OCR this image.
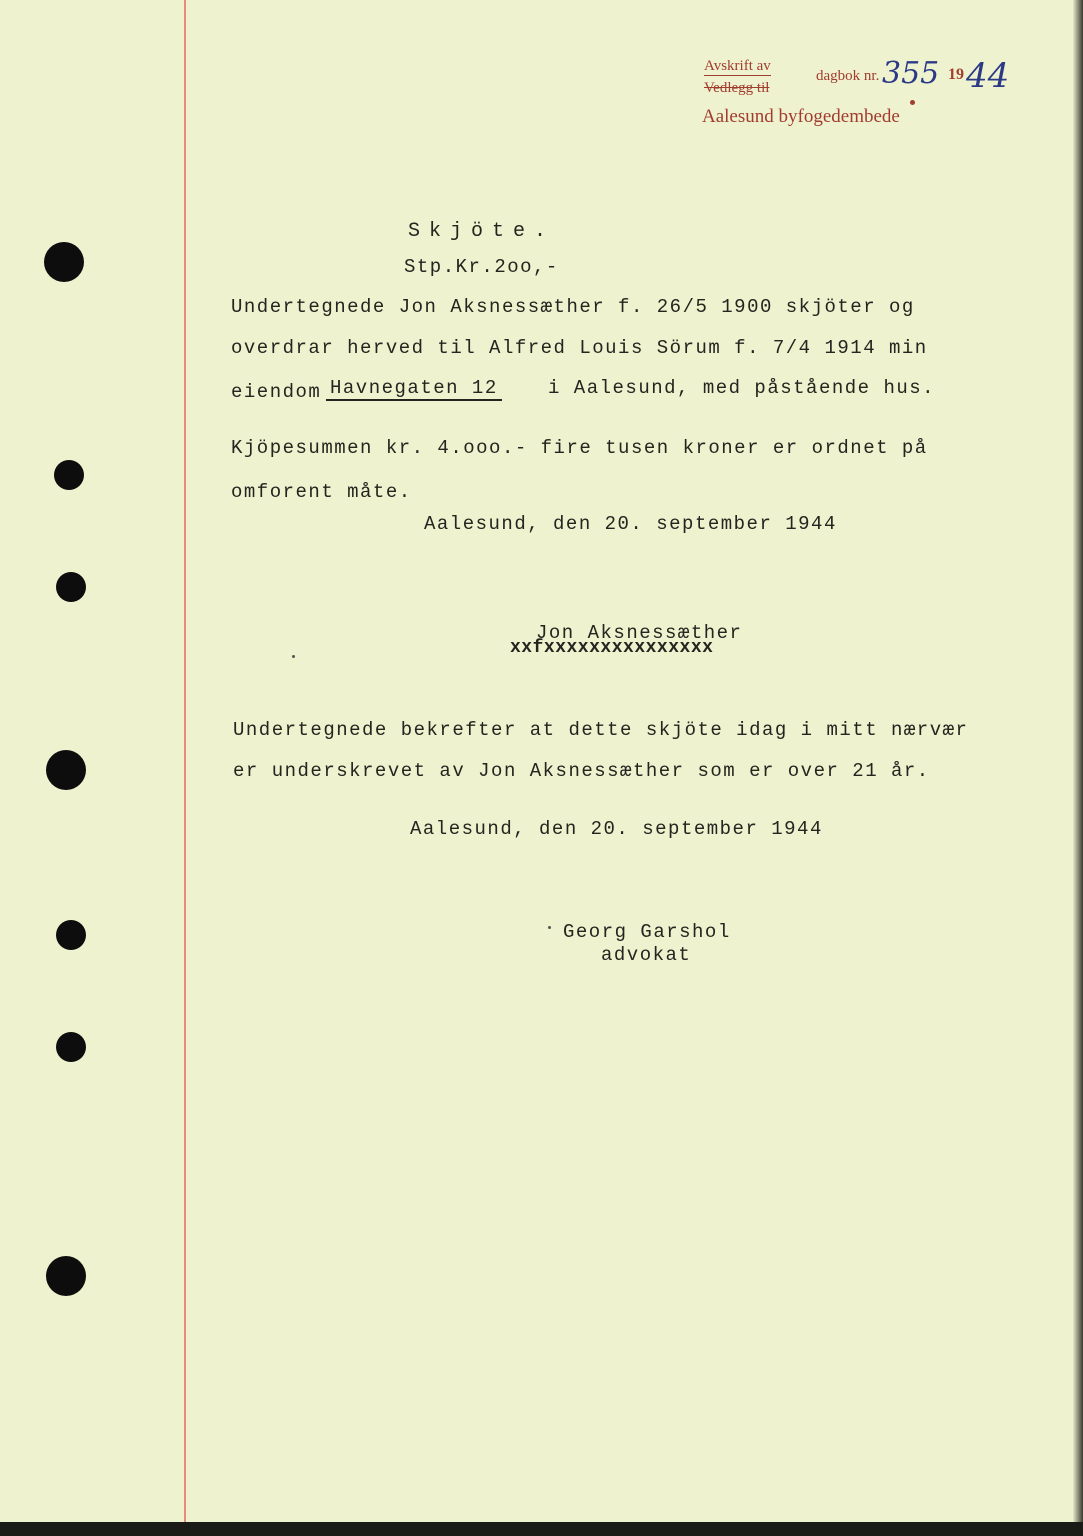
Avskrift av
Vedlegg til
dagbok nr.	19
Aalesund byfogedembede
355 44
Skjöte.
Stp.Kr.2oo,-
Undertegnede Jon Aksnessæther f. 26/5 1900 skjöter og
overdrar herved til Alfred Louis Sörum f. 7/4 1914 min
eiendom Havnegaten 12	i Aalesund, med påstående hus.
Kjöpesummen kr. 4.ooo.- fire tusen kroner er ordnet på
omforent måte.
Aalesund, den 20. september 1944
Jon Aksnessæther
xxfxxxxxxxxxxxxxxx
Undertegnede bekrefter at dette skjöte idag i mitt nærvær
er underskrevet av Jon Aksnessæther som er over 21 år.
Aalesund, den 20. september 1944
Georg Garshol
advokat
